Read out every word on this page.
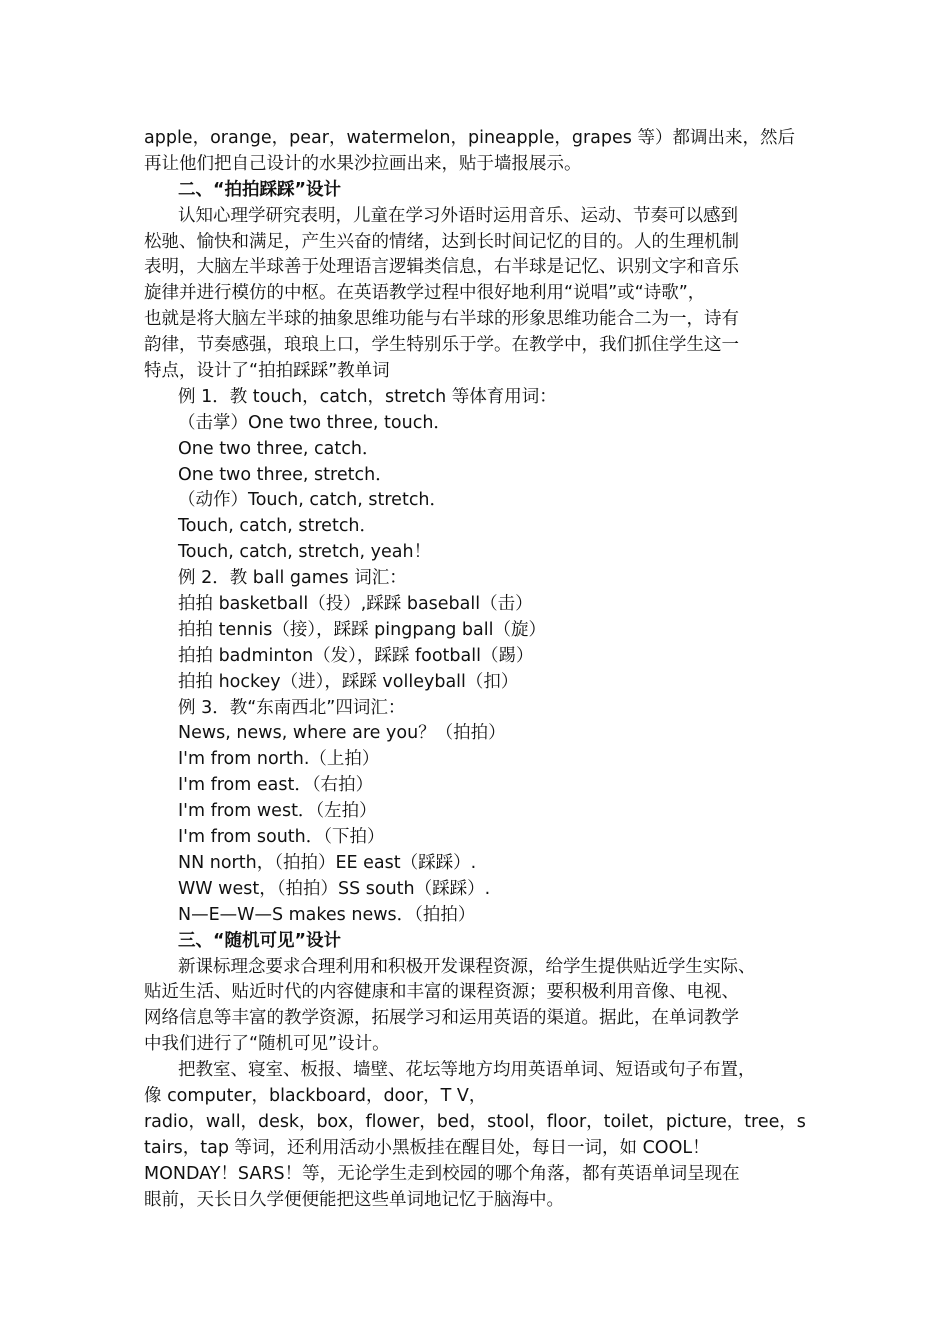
apple，orange，pear，watermelon，pineapple，grapes 等）都调出来，然后
再让他们把自己设计的水果沙拉画出来，贴于墙报展示。
二、“拍拍踩踩”设计
认知心理学研究表明，儿童在学习外语时运用音乐、运动、节奏可以感到
松驰、愉快和满足，产生兴奋的情绪，达到长时间记忆的目的。人的生理机制
表明，大脑左半球善于处理语言逻辑类信息，右半球是记忆、识别文字和音乐
旋律并进行模仿的中枢。在英语教学过程中很好地利用“说唱”或“诗歌”，
也就是将大脑左半球的抽象思维功能与右半球的形象思维功能合二为一，诗有
韵律，节奏感强，琅琅上口，学生特别乐于学。在教学中，我们抓住学生这一
特点，设计了“拍拍踩踩”教单词
例 1．教 touch，catch，stretch 等体育用词：
（击掌）One two three, touch．
One two three, catch．
One two three, stretch．
（动作）Touch, catch, stretch．
Touch, catch, stretch．
Touch, catch, stretch, yeah！
例 2．教 ball games 词汇：
拍拍 basketball（投）,踩踩 baseball（击）
拍拍 tennis（接），踩踩 pingpang ball（旋）
拍拍 badminton（发），踩踩 football（踢）
拍拍 hockey（进），踩踩 volleyball（扣）
例 3．教“东南西北”四词汇：
News, news, where are you？（拍拍）
I'm from north.（上拍）
I'm from east．（右拍）
I'm from west．（左拍）
I'm from south．（下拍）
NN north，（拍拍）EE east（踩踩）.
WW west，（拍拍）SS south（踩踩）.
N—E—W—S makes news．（拍拍）
三、“随机可见”设计
新课标理念要求合理利用和积极开发课程资源，给学生提供贴近学生实际、
贴近生活、贴近时代的内容健康和丰富的课程资源；要积极利用音像、电视、
网络信息等丰富的教学资源，拓展学习和运用英语的渠道。据此，在单词教学
中我们进行了“随机可见”设计。
把教室、寝室、板报、墙壁、花坛等地方均用英语单词、短语或句子布置，
像 computer，blackboard，door，T V，
radio，wall，desk，box，flower，bed，stool，floor，toilet，picture，tree，s
tairs，tap 等词，还利用活动小黑板挂在醒目处，每日一词，如 COOL！
MONDAY！SARS！等，无论学生走到校园的哪个角落，都有英语单词呈现在
眼前，天长日久学便便能把这些单词地记忆于脑海中。
